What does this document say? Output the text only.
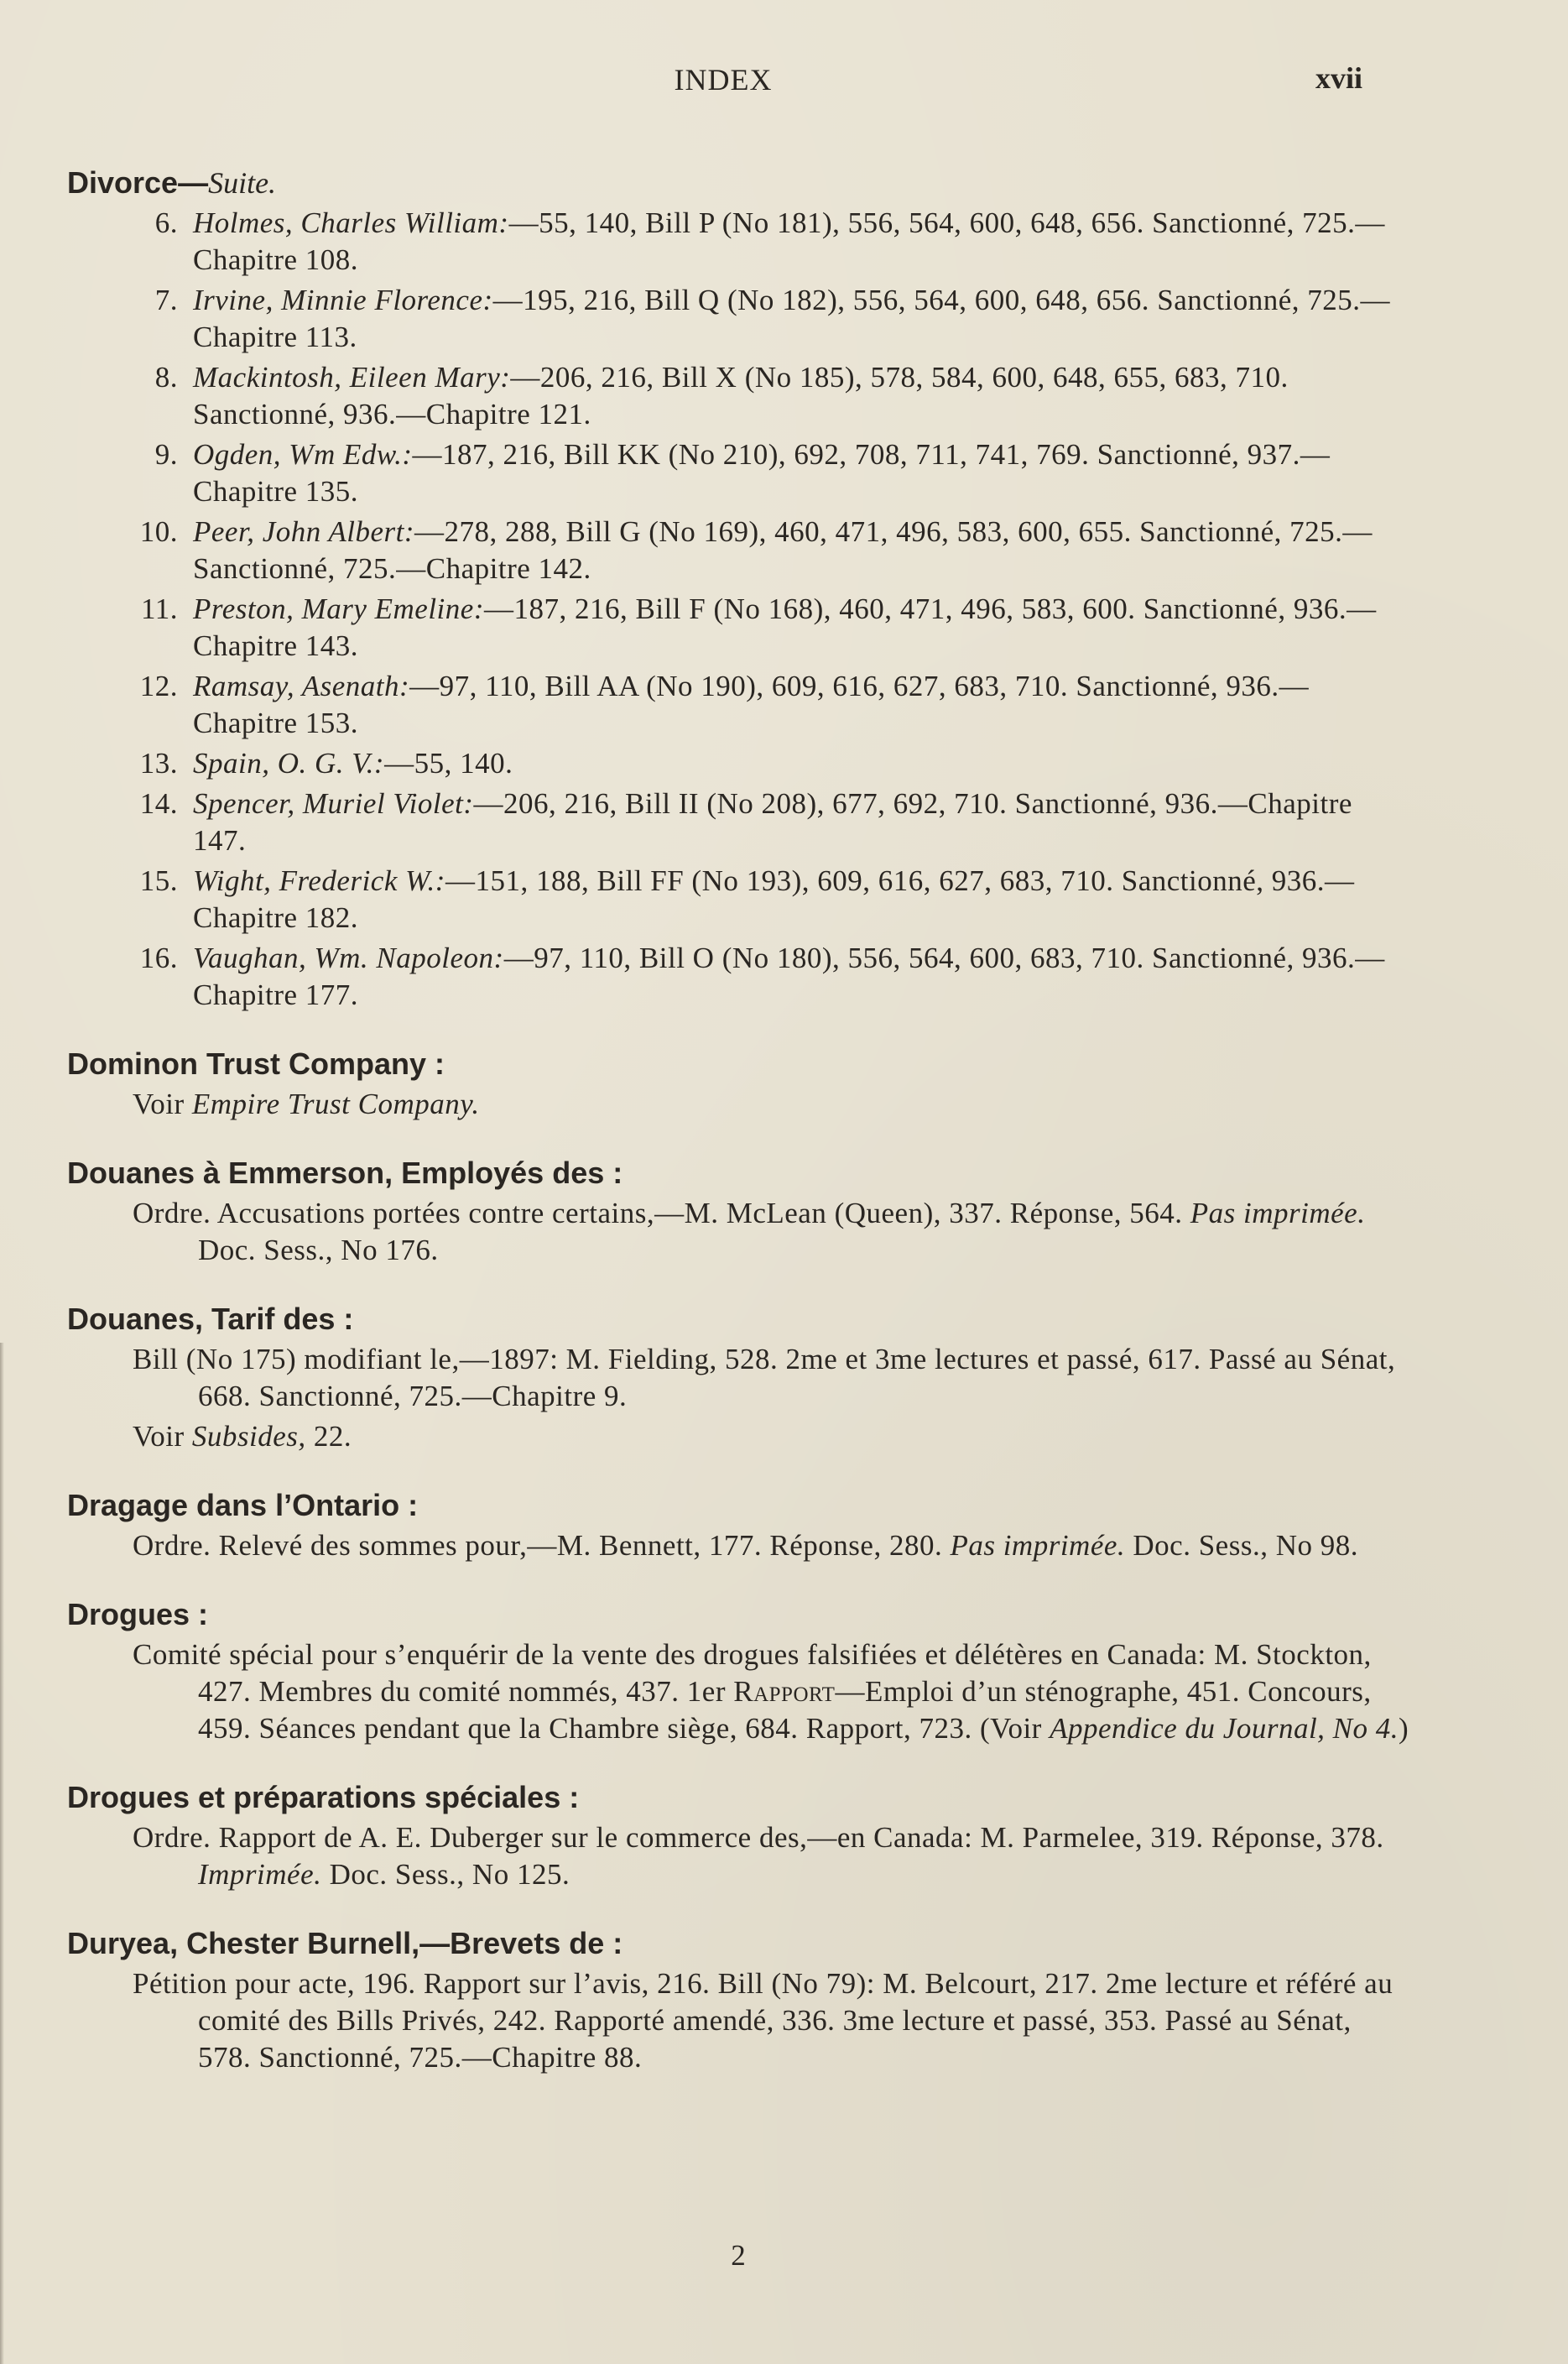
INDEX	xvii

Divorce—Suite.

6. Holmes, Charles William:—55, 140, Bill P (No 181), 556, 564, 600, 648, 656. Sanctionné, 725.—Chapitre 108.

7. Irvine, Minnie Florence:—195, 216, Bill Q (No 182), 556, 564, 600, 648, 656. Sanctionné, 725.—Chapitre 113.

8. Mackintosh, Eileen Mary:—206, 216, Bill X (No 185), 578, 584, 600, 648, 655, 683, 710. Sanctionné, 936.—Chapitre 121.

9. Ogden, Wm Edw.:—187, 216, Bill KK (No 210), 692, 708, 711, 741, 769. Sanctionné, 937.—Chapitre 135.

10. Peer, John Albert:—278, 288, Bill G (No 169), 460, 471, 496, 583, 600, 655. Sanctionné, 725.—Sanctionné, 725.—Chapitre 142.

11. Preston, Mary Emeline:—187, 216, Bill F (No 168), 460, 471, 496, 583, 600. Sanctionné, 936.—Chapitre 143.

12. Ramsay, Asenath:—97, 110, Bill AA (No 190), 609, 616, 627, 683, 710. Sanctionné, 936.—Chapitre 153.

13. Spain, O. G. V.:—55, 140.

14. Spencer, Muriel Violet:—206, 216, Bill II (No 208), 677, 692, 710. Sanctionné, 936.—Chapitre 147.

15. Wight, Frederick W.:—151, 188, Bill FF (No 193), 609, 616, 627, 683, 710. Sanctionné, 936.—Chapitre 182.

16. Vaughan, Wm. Napoleon:—97, 110, Bill O (No 180), 556, 564, 600, 683, 710. Sanctionné, 936.—Chapitre 177.

Dominon Trust Company :

Voir Empire Trust Company.

Douanes à Emmerson, Employés des :

Ordre. Accusations portées contre certains,—M. McLean (Queen), 337. Réponse, 564. Pas imprimée. Doc. Sess., No 176.

Douanes, Tarif des :

Bill (No 175) modifiant le,—1897: M. Fielding, 528. 2me et 3me lectures et passé, 617. Passé au Sénat, 668. Sanctionné, 725.—Chapitre 9.

Voir Subsides, 22.

Dragage dans l’Ontario :

Ordre. Relevé des sommes pour,—M. Bennett, 177. Réponse, 280. Pas imprimée. Doc. Sess., No 98.

Drogues :

Comité spécial pour s’enquérir de la vente des drogues falsifiées et délétères en Canada: M. Stockton, 427. Membres du comité nommés, 437. 1er Rapport—Emploi d’un sténographe, 451. Concours, 459. Séances pendant que la Chambre siège, 684. Rapport, 723. (Voir Appendice du Journal, No 4.)

Drogues et préparations spéciales :

Ordre. Rapport de A. E. Duberger sur le commerce des,—en Canada: M. Parmelee, 319. Réponse, 378. Imprimée. Doc. Sess., No 125.

Duryea, Chester Burnell,—Brevets de :

Pétition pour acte, 196. Rapport sur l’avis, 216. Bill (No 79): M. Belcourt, 217. 2me lecture et référé au comité des Bills Privés, 242. Rapporté amendé, 336. 3me lecture et passé, 353. Passé au Sénat, 578. Sanctionné, 725.—Chapitre 88.

2
